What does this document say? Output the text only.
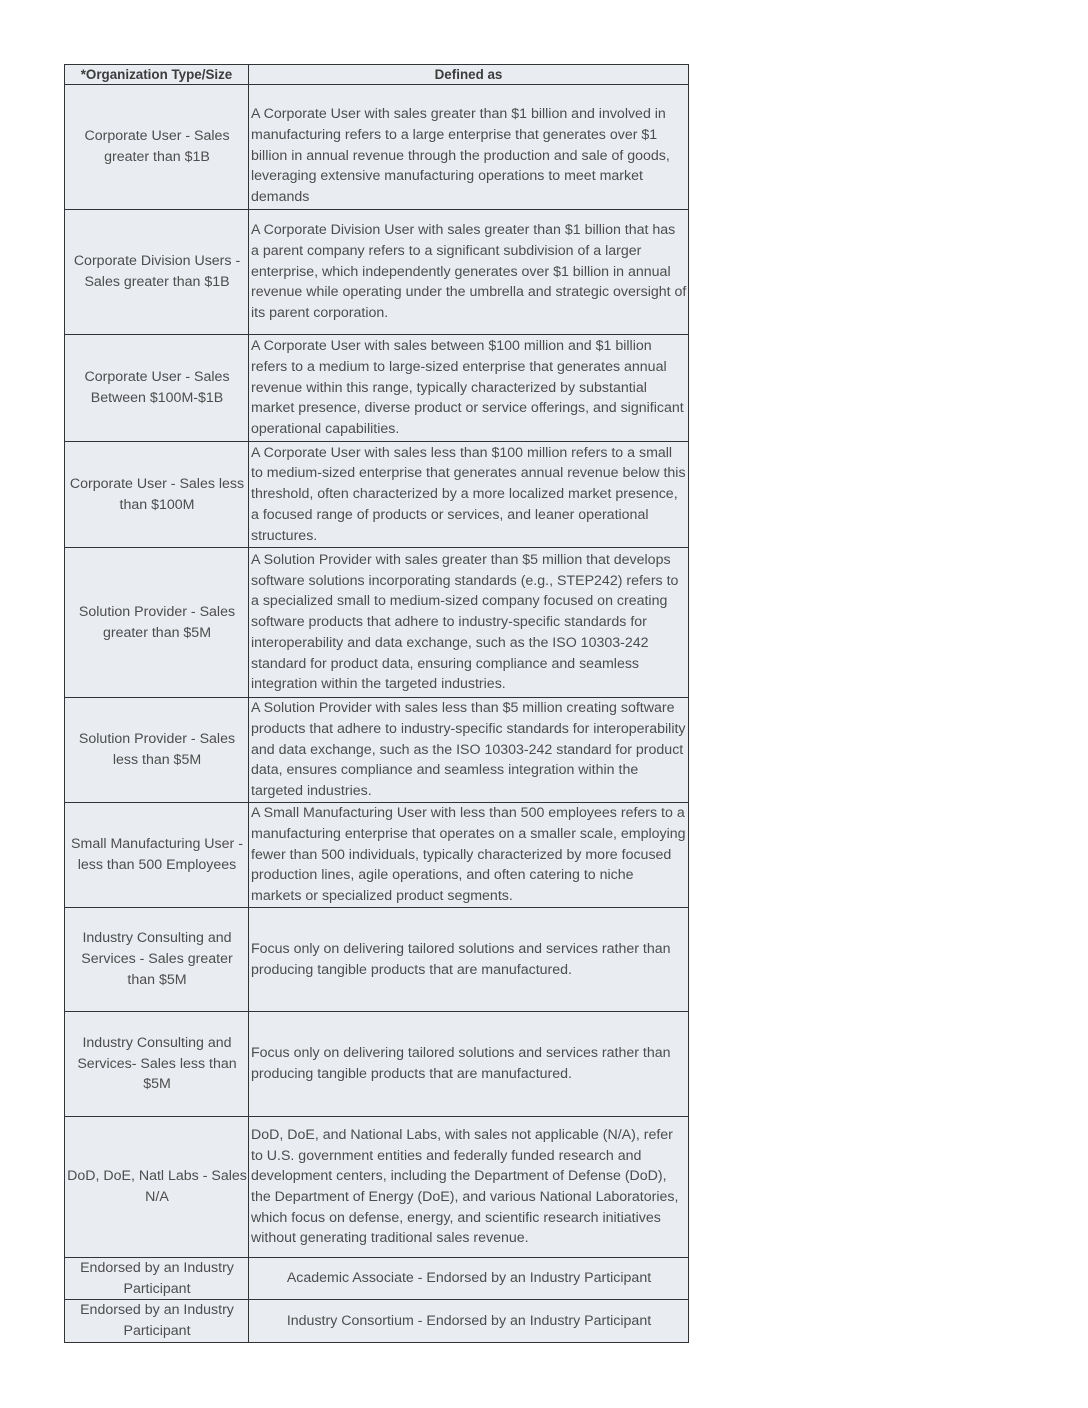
*Organization Type/Size	Defined as
Corporate User - Sales greater than $1B	A Corporate User with sales greater than $1 billion and involved in manufacturing refers to a large enterprise that generates over $1 billion in annual revenue through the production and sale of goods, leveraging extensive manufacturing operations to meet market demands
Corporate Division Users - Sales greater than $1B	A Corporate Division User with sales greater than $1 billion that has a parent company refers to a significant subdivision of a larger enterprise, which independently generates over $1 billion in annual revenue while operating under the umbrella and strategic oversight of its parent corporation.
Corporate User - Sales Between $100M-$1B	A Corporate User with sales between $100 million and $1 billion refers to a medium to large-sized enterprise that generates annual revenue within this range, typically characterized by substantial market presence, diverse product or service offerings, and significant operational capabilities.
Corporate User - Sales less than $100M	A Corporate User with sales less than $100 million refers to a small to medium-sized enterprise that generates annual revenue below this threshold, often characterized by a more localized market presence, a focused range of products or services, and leaner operational structures.
Solution Provider - Sales greater than $5M	A Solution Provider with sales greater than $5 million that develops software solutions incorporating standards (e.g., STEP242) refers to a specialized small to medium-sized company focused on creating software products that adhere to industry-specific standards for interoperability and data exchange, such as the ISO 10303-242 standard for product data, ensuring compliance and seamless integration within the targeted industries.
Solution Provider - Sales less than $5M	A Solution Provider with sales less than $5 million creating software products that adhere to industry-specific standards for interoperability and data exchange, such as the ISO 10303-242 standard for product data, ensures compliance and seamless integration within the targeted industries.
Small Manufacturing User - less than 500 Employees	A Small Manufacturing User with less than 500 employees refers to a manufacturing enterprise that operates on a smaller scale, employing fewer than 500 individuals, typically characterized by more focused production lines, agile operations, and often catering to niche markets or specialized product segments.
Industry Consulting and Services - Sales greater than $5M	Focus only on delivering tailored solutions and services rather than producing tangible products that are manufactured.
Industry Consulting and Services- Sales less than $5M	Focus only on delivering tailored solutions and services rather than producing tangible products that are manufactured.
DoD, DoE, Natl Labs - Sales N/A	DoD, DoE, and National Labs, with sales not applicable (N/A), refer to U.S. government entities and federally funded research and development centers, including the Department of Defense (DoD), the Department of Energy (DoE), and various National Laboratories, which focus on defense, energy, and scientific research initiatives without generating traditional sales revenue.
Endorsed by an Industry Participant	Academic Associate - Endorsed by an Industry Participant
Endorsed by an Industry Participant	Industry Consortium - Endorsed by an Industry Participant
